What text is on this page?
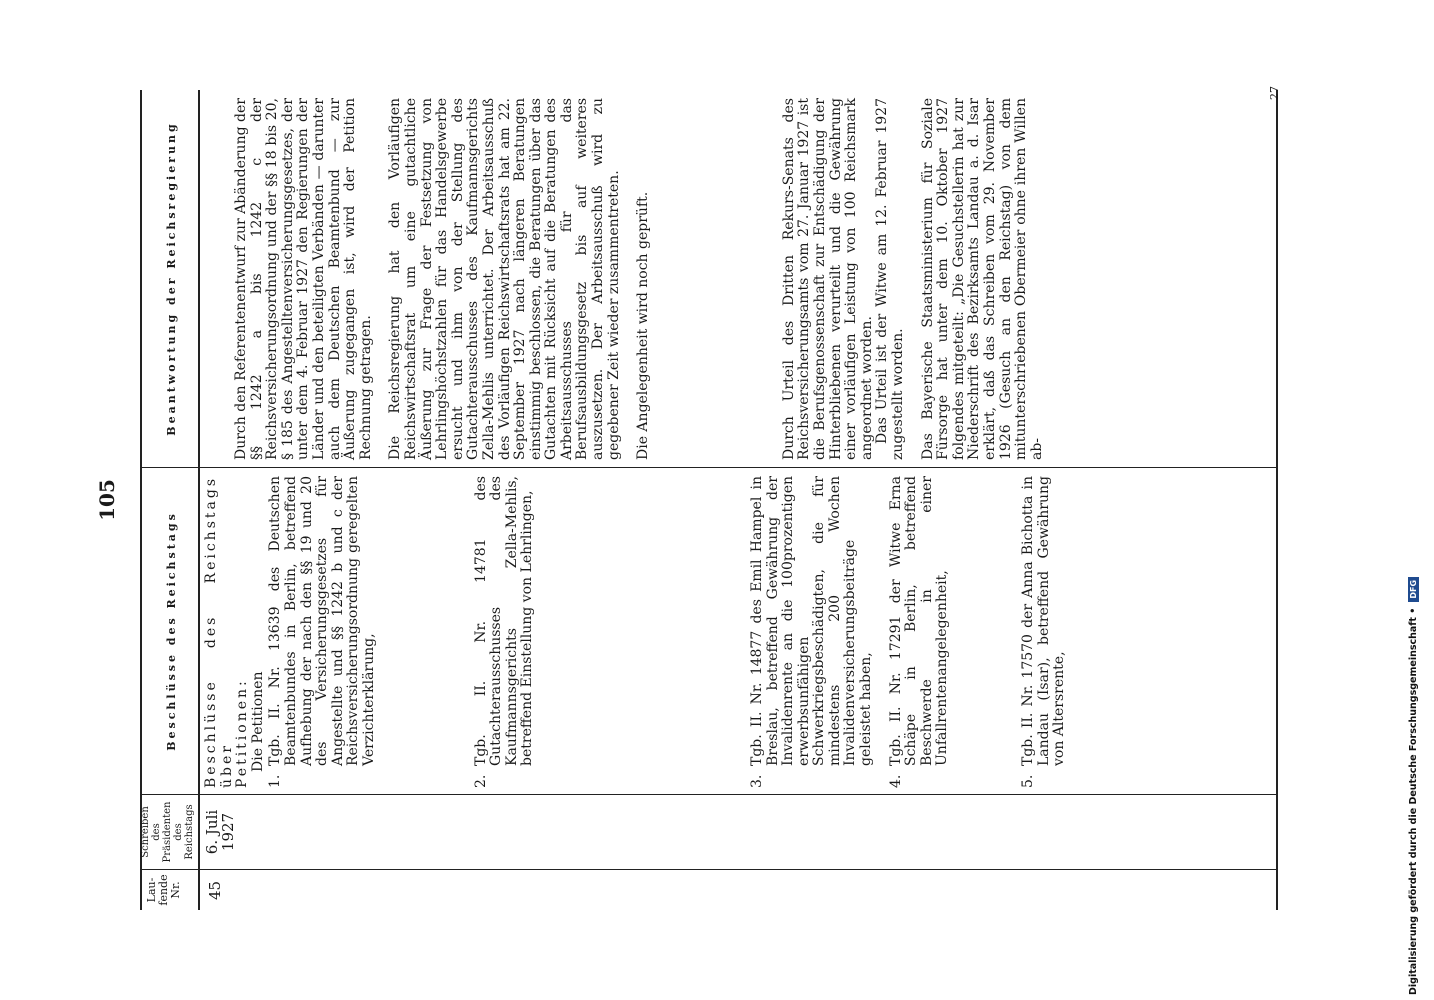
105
Lau-
fende
Nr.
Schreiben
des
Präsidenten
des
Reichstags
Beschlüsse des Reichstags
Beantwortung der Reichsregierung
45
6. Juli
1927

Beschlüsse des Reichstags über Petitionen: Die Petitionen

1.
Tgb. II. Nr. 13639 des Deutschen Beamtenbundes in Berlin, betreffend Aufhebung der nach den §§ 19 und 20 des Versicherungsgesetzes für Angestellte und §§ 1242 b und c der Reichsversicherungsordnung geregelten Verzichterklärung,
2.
Tgb. II. Nr. 14781 des Gutachterausschusses des Kaufmannsgerichts Zella-Mehlis, betreffend Einstellung von Lehrlingen,
3.
Tgb. II. Nr. 14877 des Emil Hampel in Breslau, betreffend Gewährung der Invalidenrente an die 100prozentigen erwerbsunfähigen Schwerkriegsbeschädigten, die für mindestens 200 Wochen Invalidenversicherungsbeiträge geleistet haben,
4.
Tgb. II. Nr. 17291 der Witwe Erna Schäpe in Berlin, betreffend Beschwerde in einer Unfallrentenangelegenheit,
5.
Tgb. II. Nr. 17570 der Anna Bichotta in Landau (Isar), betreffend Gewährung von Altersrente,

Durch den Referentenentwurf zur Abänderung der §§ 1242 a bis 1242 c der Reichsversicherungsordnung und der §§ 18 bis 20, § 185 des Angestelltenversicherungsgesetzes, der unter dem 4. Februar 1927 den Regierungen der Länder und den beteiligten Verbänden — darunter auch dem Deutschen Beamtenbund — zur Äußerung zugegangen ist, wird der Petition Rechnung getragen. Die Reichsregierung hat den Vorläufigen Reichswirtschaftsrat um eine gutachtliche Äußerung zur Frage der Festsetzung von Lehrlingshöchstzahlen für das Handelsgewerbe ersucht und ihm von der Stellung des Gutachterausschusses des Kaufmannsgerichts Zella-Mehlis unterrichtet. Der Arbeitsausschuß des Vorläufigen Reichswirtschaftsrats hat am 22. September 1927 nach längeren Beratungen einstimmig beschlossen, die Beratungen über das Gutachten mit Rücksicht auf die Beratungen des Arbeitsausschusses für das Berufsausbildungsgesetz bis auf weiteres auszusetzen. Der Arbeitsausschuß wird zu gegebener Zeit wieder zusammentreten. Die Angelegenheit wird noch geprüft.	Durch Urteil des Dritten Rekurs-Senats des Reichsversicherungsamts vom 27. Januar 1927 ist die Berufsgenossenschaft zur Entschädigung der Hinterbliebenen verurteilt und die Gewährung einer vorläufigen Leistung von 100 Reichsmark angeordnet worden. Das Urteil ist der Witwe am 12. Februar 1927 zugestellt worden. Das Bayerische Staatsministerium für Soziale Fürsorge hat unter dem 10. Oktober 1927 folgendes mitgeteilt: „Die Gesuchstellerin hat zur Niederschrift des Bezirksamts Landau a. d. Isar erklärt, daß das Schreiben vom 29. November 1926 (Gesuch an den Reichstag) von dem mitunterschriebenen Obermeier ohne ihren Willen ab-

27
Digitalisierung gefördert durch die Deutsche Forschungsgemeinschaft •
DFG
